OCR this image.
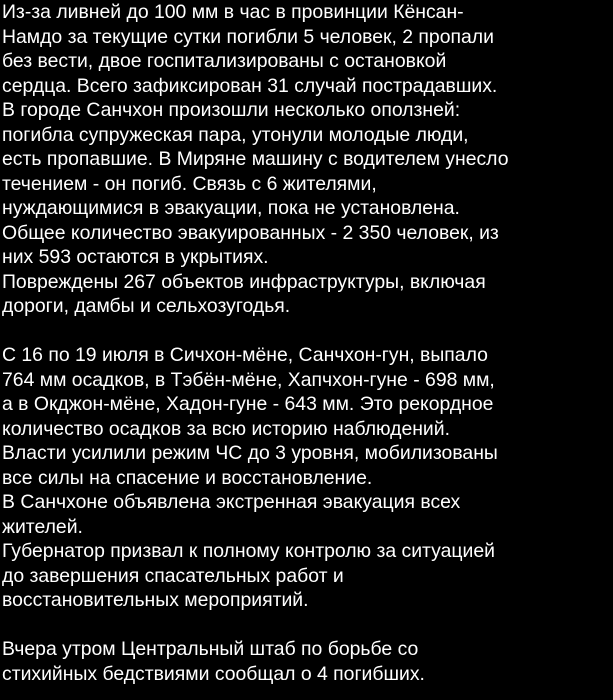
Из-за ливней до 100 мм в час в провинции Кёнсан-
Намдо за текущие сутки погибли 5 человек, 2 пропали
без вести, двое госпитализированы с остановкой
сердца. Всего зафиксирован 31 случай пострадавших.
В городе Санчхон произошли несколько оползней:
погибла супружеская пара, утонули молодые люди,
есть пропавшие. В Миряне машину с водителем унесло
течением - он погиб. Связь с 6 жителями,
нуждающимися в эвакуации, пока не установлена.
Общее количество эвакуированных - 2 350 человек, из
них 593 остаются в укрытиях.
Повреждены 267 объектов инфраструктуры, включая
дороги, дамбы и сельхозугодья.
С 16 по 19 июля в Сичхон-мёне, Санчхон-гун, выпало
764 мм осадков, в Тэбён-мёне, Хапчхон-гуне - 698 мм,
а в Окджон-мёне, Хадон-гуне - 643 мм. Это рекордное
количество осадков за всю историю наблюдений.
Власти усилили режим ЧС до 3 уровня, мобилизованы
все силы на спасение и восстановление.
В Санчхоне объявлена экстренная эвакуация всех
жителей.
Губернатор призвал к полному контролю за ситуацией
до завершения спасательных работ и
восстановительных мероприятий.
Вчера утром Центральный штаб по борьбе со
стихийных бедствиями сообщал о 4 погибших.
